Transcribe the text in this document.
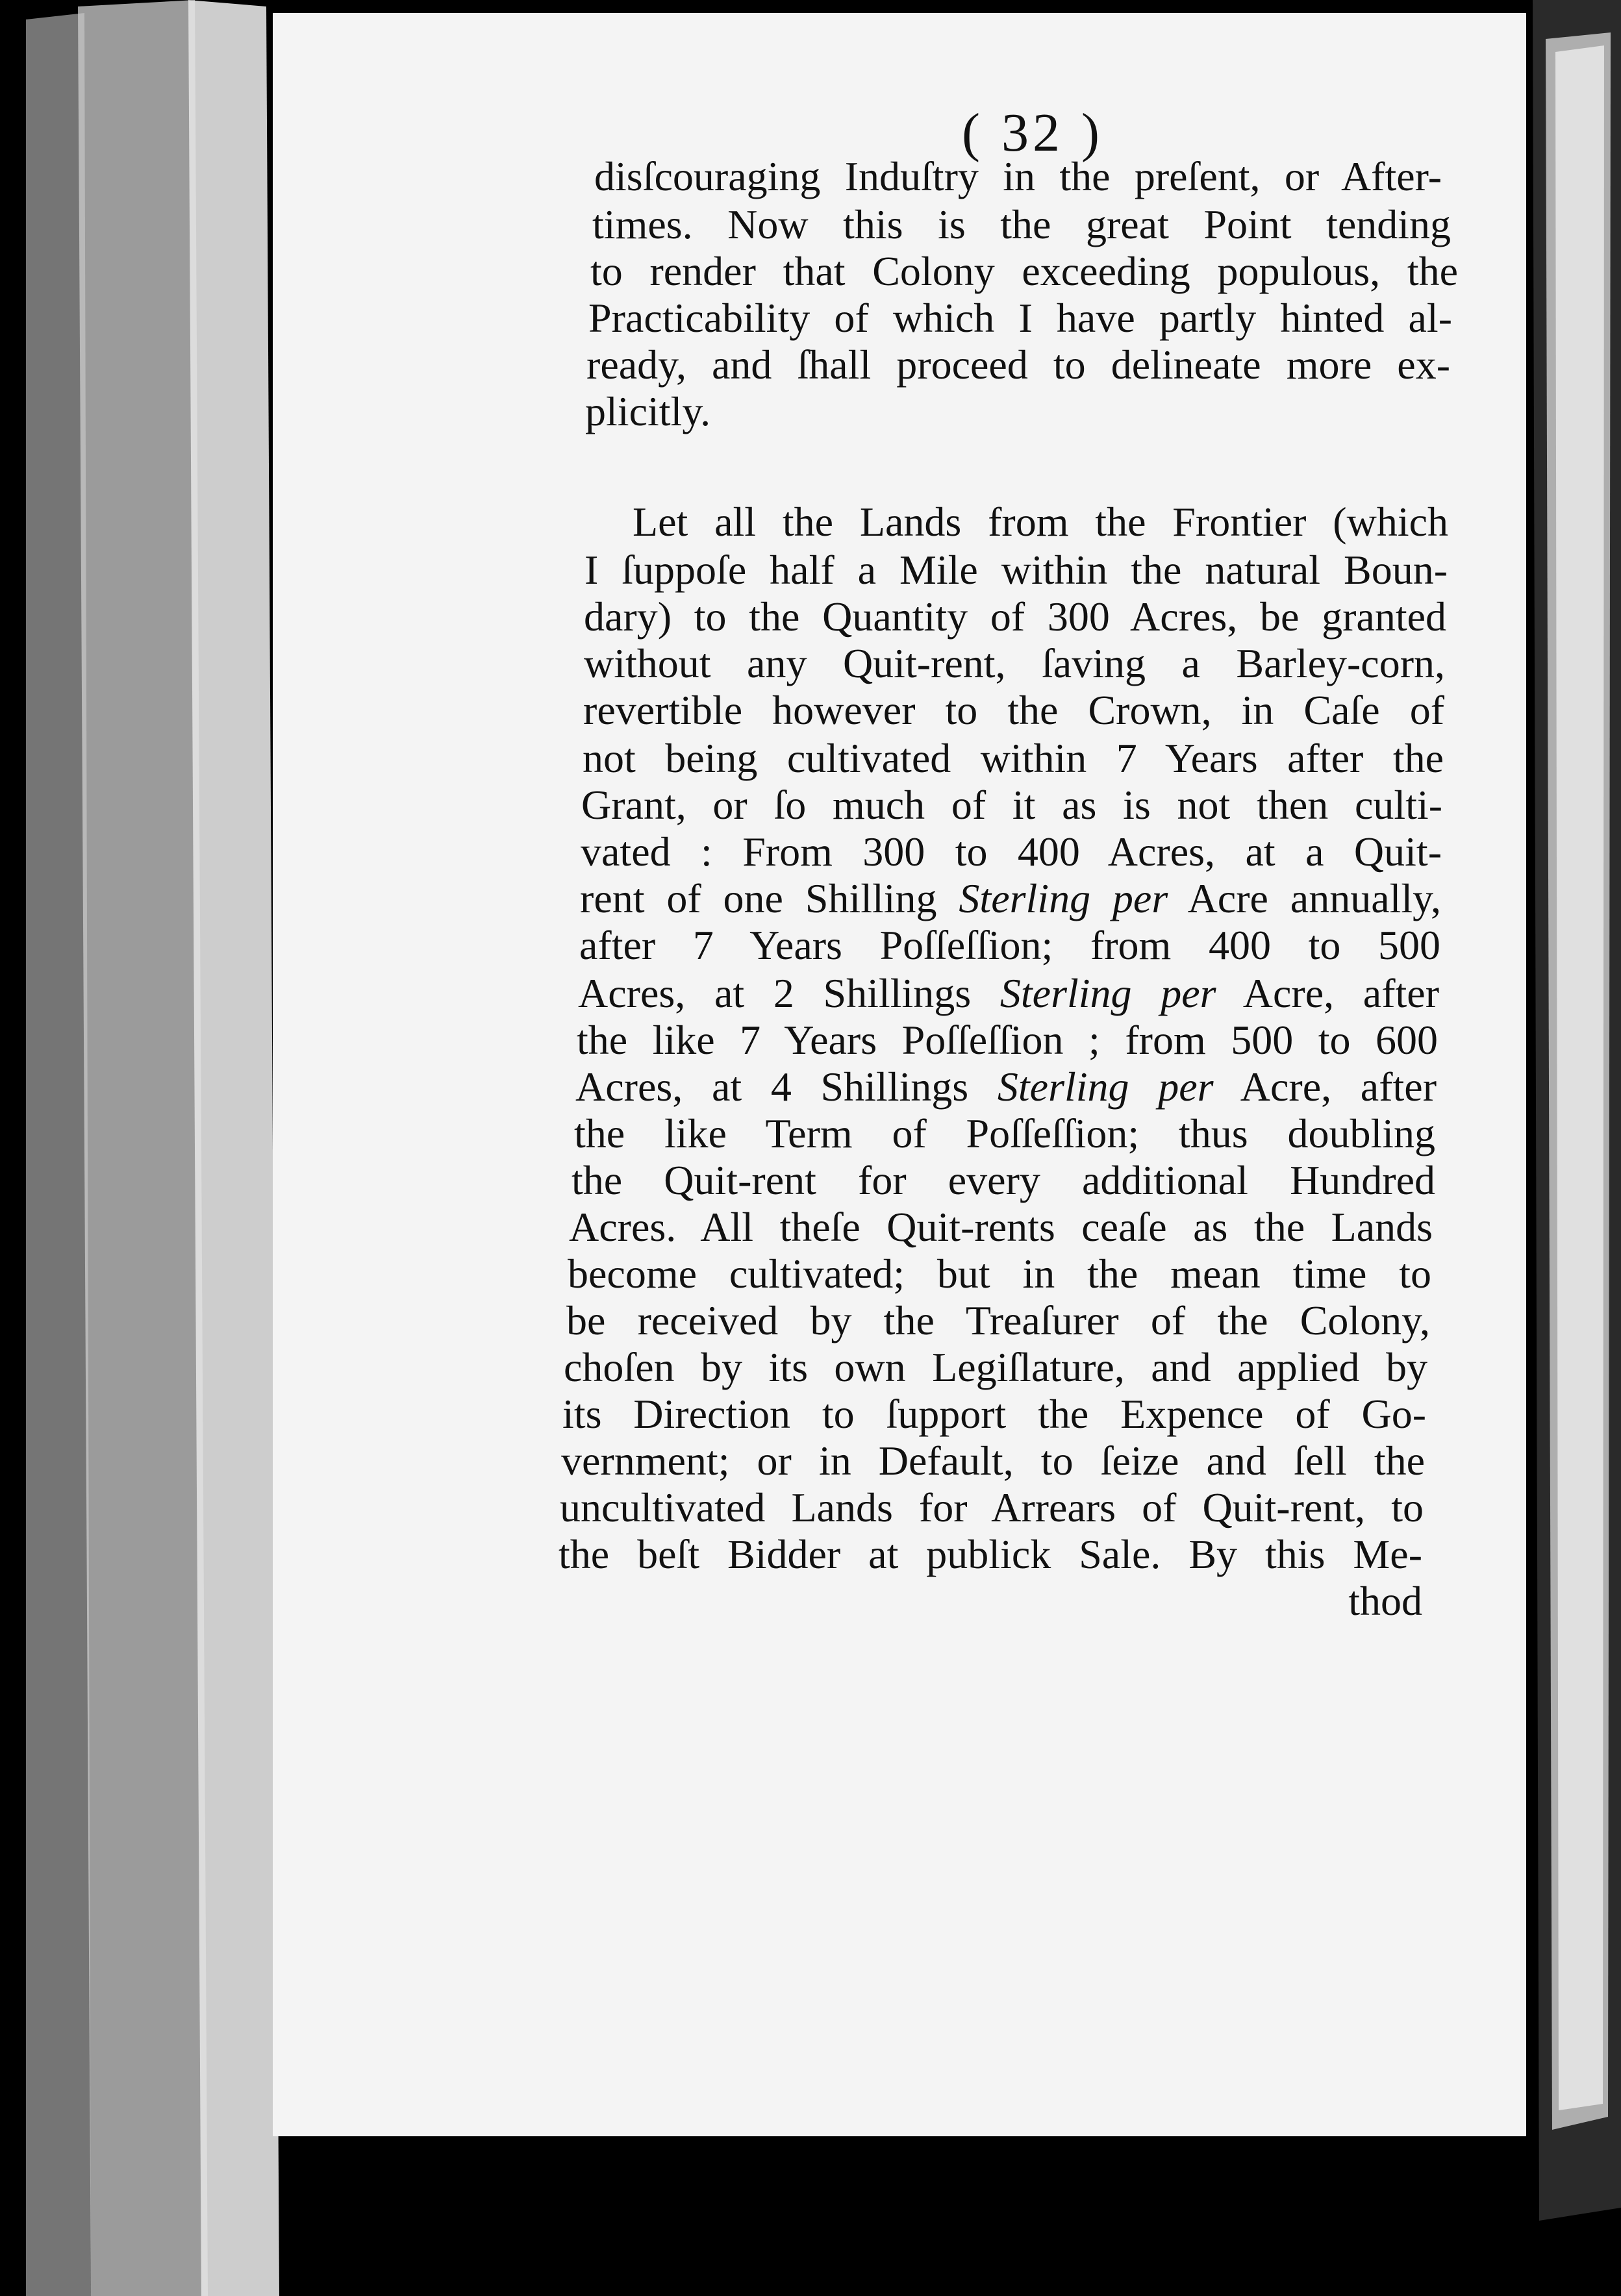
( 32 )
disſcouraging Induſtry in the preſent, or After-
times. Now this is the great Point tending
to render that Colony exceeding populous, the
Practicability of which I have partly hinted al-
ready, and ſhall proceed to delineate more ex-
plicitly.
Let all the Lands from the Frontier (which
I ſuppoſe half a Mile within the natural Boun-
dary) to the Quantity of 300 Acres, be granted
without any Quit-rent, ſaving a Barley-corn,
revertible however to the Crown, in Caſe of
not being cultivated within 7 Years after the
Grant, or ſo much of it as is not then culti-
vated : From 300 to 400 Acres, at a Quit-
rent of one Shilling Sterling per Acre annually,
after 7 Years Poſſeſſion; from 400 to 500
Acres, at 2 Shillings Sterling per Acre, after
the like 7 Years Poſſeſſion ; from 500 to 600
Acres, at 4 Shillings Sterling per Acre, after
the like Term of Poſſeſſion; thus doubling
the Quit-rent for every additional Hundred
Acres. All theſe Quit-rents ceaſe as the Lands
become cultivated; but in the mean time to
be received by the Treaſurer of the Colony,
choſen by its own Legiſlature, and applied by
its Direction to ſupport the Expence of Go-
vernment; or in Default, to ſeize and ſell the
uncultivated Lands for Arrears of Quit-rent, to
the beſt Bidder at publick Sale. By this Me-
thod
